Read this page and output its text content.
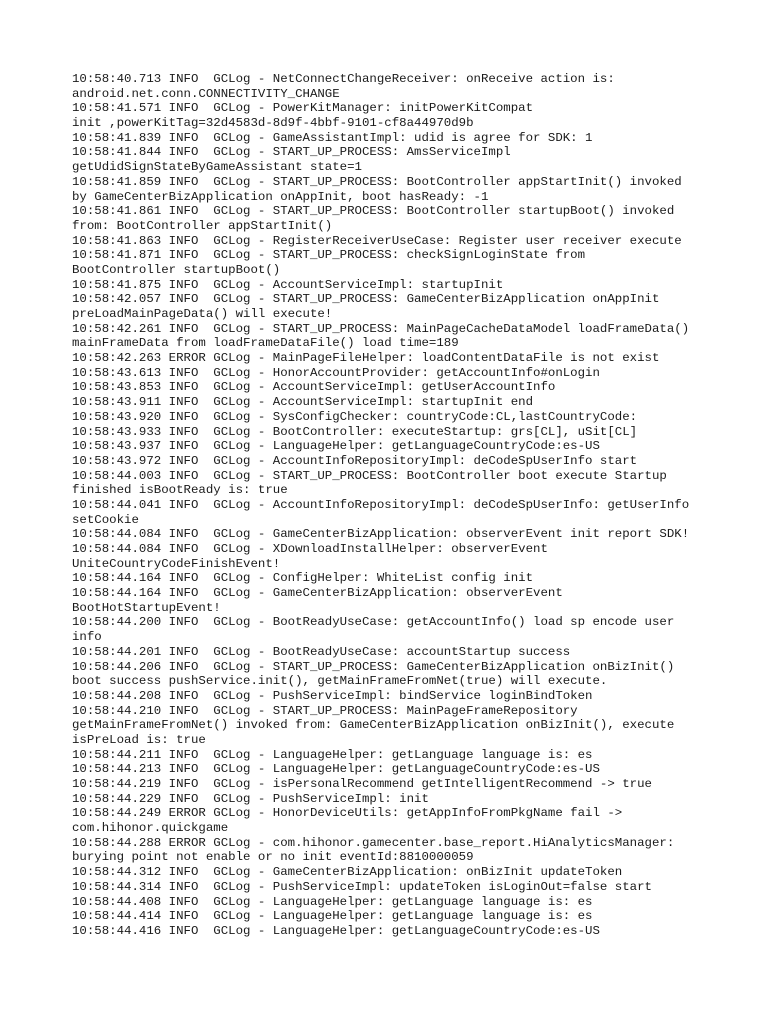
10:58:40.713 INFO  GCLog - NetConnectChangeReceiver: onReceive action is:
android.net.conn.CONNECTIVITY_CHANGE
10:58:41.571 INFO  GCLog - PowerKitManager: initPowerKitCompat
init ,powerKitTag=32d4583d-8d9f-4bbf-9101-cf8a44970d9b
10:58:41.839 INFO  GCLog - GameAssistantImpl: udid is agree for SDK: 1
10:58:41.844 INFO  GCLog - START_UP_PROCESS: AmsServiceImpl
getUdidSignStateByGameAssistant state=1
10:58:41.859 INFO  GCLog - START_UP_PROCESS: BootController appStartInit() invoked
by GameCenterBizApplication onAppInit, boot hasReady: -1
10:58:41.861 INFO  GCLog - START_UP_PROCESS: BootController startupBoot() invoked
from: BootController appStartInit()
10:58:41.863 INFO  GCLog - RegisterReceiverUseCase: Register user receiver execute
10:58:41.871 INFO  GCLog - START_UP_PROCESS: checkSignLoginState from
BootController startupBoot()
10:58:41.875 INFO  GCLog - AccountServiceImpl: startupInit
10:58:42.057 INFO  GCLog - START_UP_PROCESS: GameCenterBizApplication onAppInit
preLoadMainPageData() will execute!
10:58:42.261 INFO  GCLog - START_UP_PROCESS: MainPageCacheDataModel loadFrameData()
mainFrameData from loadFrameDataFile() load time=189
10:58:42.263 ERROR GCLog - MainPageFileHelper: loadContentDataFile is not exist
10:58:43.613 INFO  GCLog - HonorAccountProvider: getAccountInfo#onLogin
10:58:43.853 INFO  GCLog - AccountServiceImpl: getUserAccountInfo
10:58:43.911 INFO  GCLog - AccountServiceImpl: startupInit end
10:58:43.920 INFO  GCLog - SysConfigChecker: countryCode:CL,lastCountryCode:
10:58:43.933 INFO  GCLog - BootController: executeStartup: grs[CL], uSit[CL]
10:58:43.937 INFO  GCLog - LanguageHelper: getLanguageCountryCode:es-US
10:58:43.972 INFO  GCLog - AccountInfoRepositoryImpl: deCodeSpUserInfo start
10:58:44.003 INFO  GCLog - START_UP_PROCESS: BootController boot execute Startup
finished isBootReady is: true
10:58:44.041 INFO  GCLog - AccountInfoRepositoryImpl: deCodeSpUserInfo: getUserInfo
setCookie
10:58:44.084 INFO  GCLog - GameCenterBizApplication: observerEvent init report SDK!
10:58:44.084 INFO  GCLog - XDownloadInstallHelper: observerEvent
UniteCountryCodeFinishEvent!
10:58:44.164 INFO  GCLog - ConfigHelper: WhiteList config init
10:58:44.164 INFO  GCLog - GameCenterBizApplication: observerEvent
BootHotStartupEvent!
10:58:44.200 INFO  GCLog - BootReadyUseCase: getAccountInfo() load sp encode user
info
10:58:44.201 INFO  GCLog - BootReadyUseCase: accountStartup success
10:58:44.206 INFO  GCLog - START_UP_PROCESS: GameCenterBizApplication onBizInit()
boot success pushService.init(), getMainFrameFromNet(true) will execute.
10:58:44.208 INFO  GCLog - PushServiceImpl: bindService loginBindToken
10:58:44.210 INFO  GCLog - START_UP_PROCESS: MainPageFrameRepository
getMainFrameFromNet() invoked from: GameCenterBizApplication onBizInit(), execute
isPreLoad is: true
10:58:44.211 INFO  GCLog - LanguageHelper: getLanguage language is: es
10:58:44.213 INFO  GCLog - LanguageHelper: getLanguageCountryCode:es-US
10:58:44.219 INFO  GCLog - isPersonalRecommend getIntelligentRecommend -> true
10:58:44.229 INFO  GCLog - PushServiceImpl: init
10:58:44.249 ERROR GCLog - HonorDeviceUtils: getAppInfoFromPkgName fail ->
com.hihonor.quickgame
10:58:44.288 ERROR GCLog - com.hihonor.gamecenter.base_report.HiAnalyticsManager:
burying point not enable or no init eventId:8810000059
10:58:44.312 INFO  GCLog - GameCenterBizApplication: onBizInit updateToken
10:58:44.314 INFO  GCLog - PushServiceImpl: updateToken isLoginOut=false start
10:58:44.408 INFO  GCLog - LanguageHelper: getLanguage language is: es
10:58:44.414 INFO  GCLog - LanguageHelper: getLanguage language is: es
10:58:44.416 INFO  GCLog - LanguageHelper: getLanguageCountryCode:es-US
